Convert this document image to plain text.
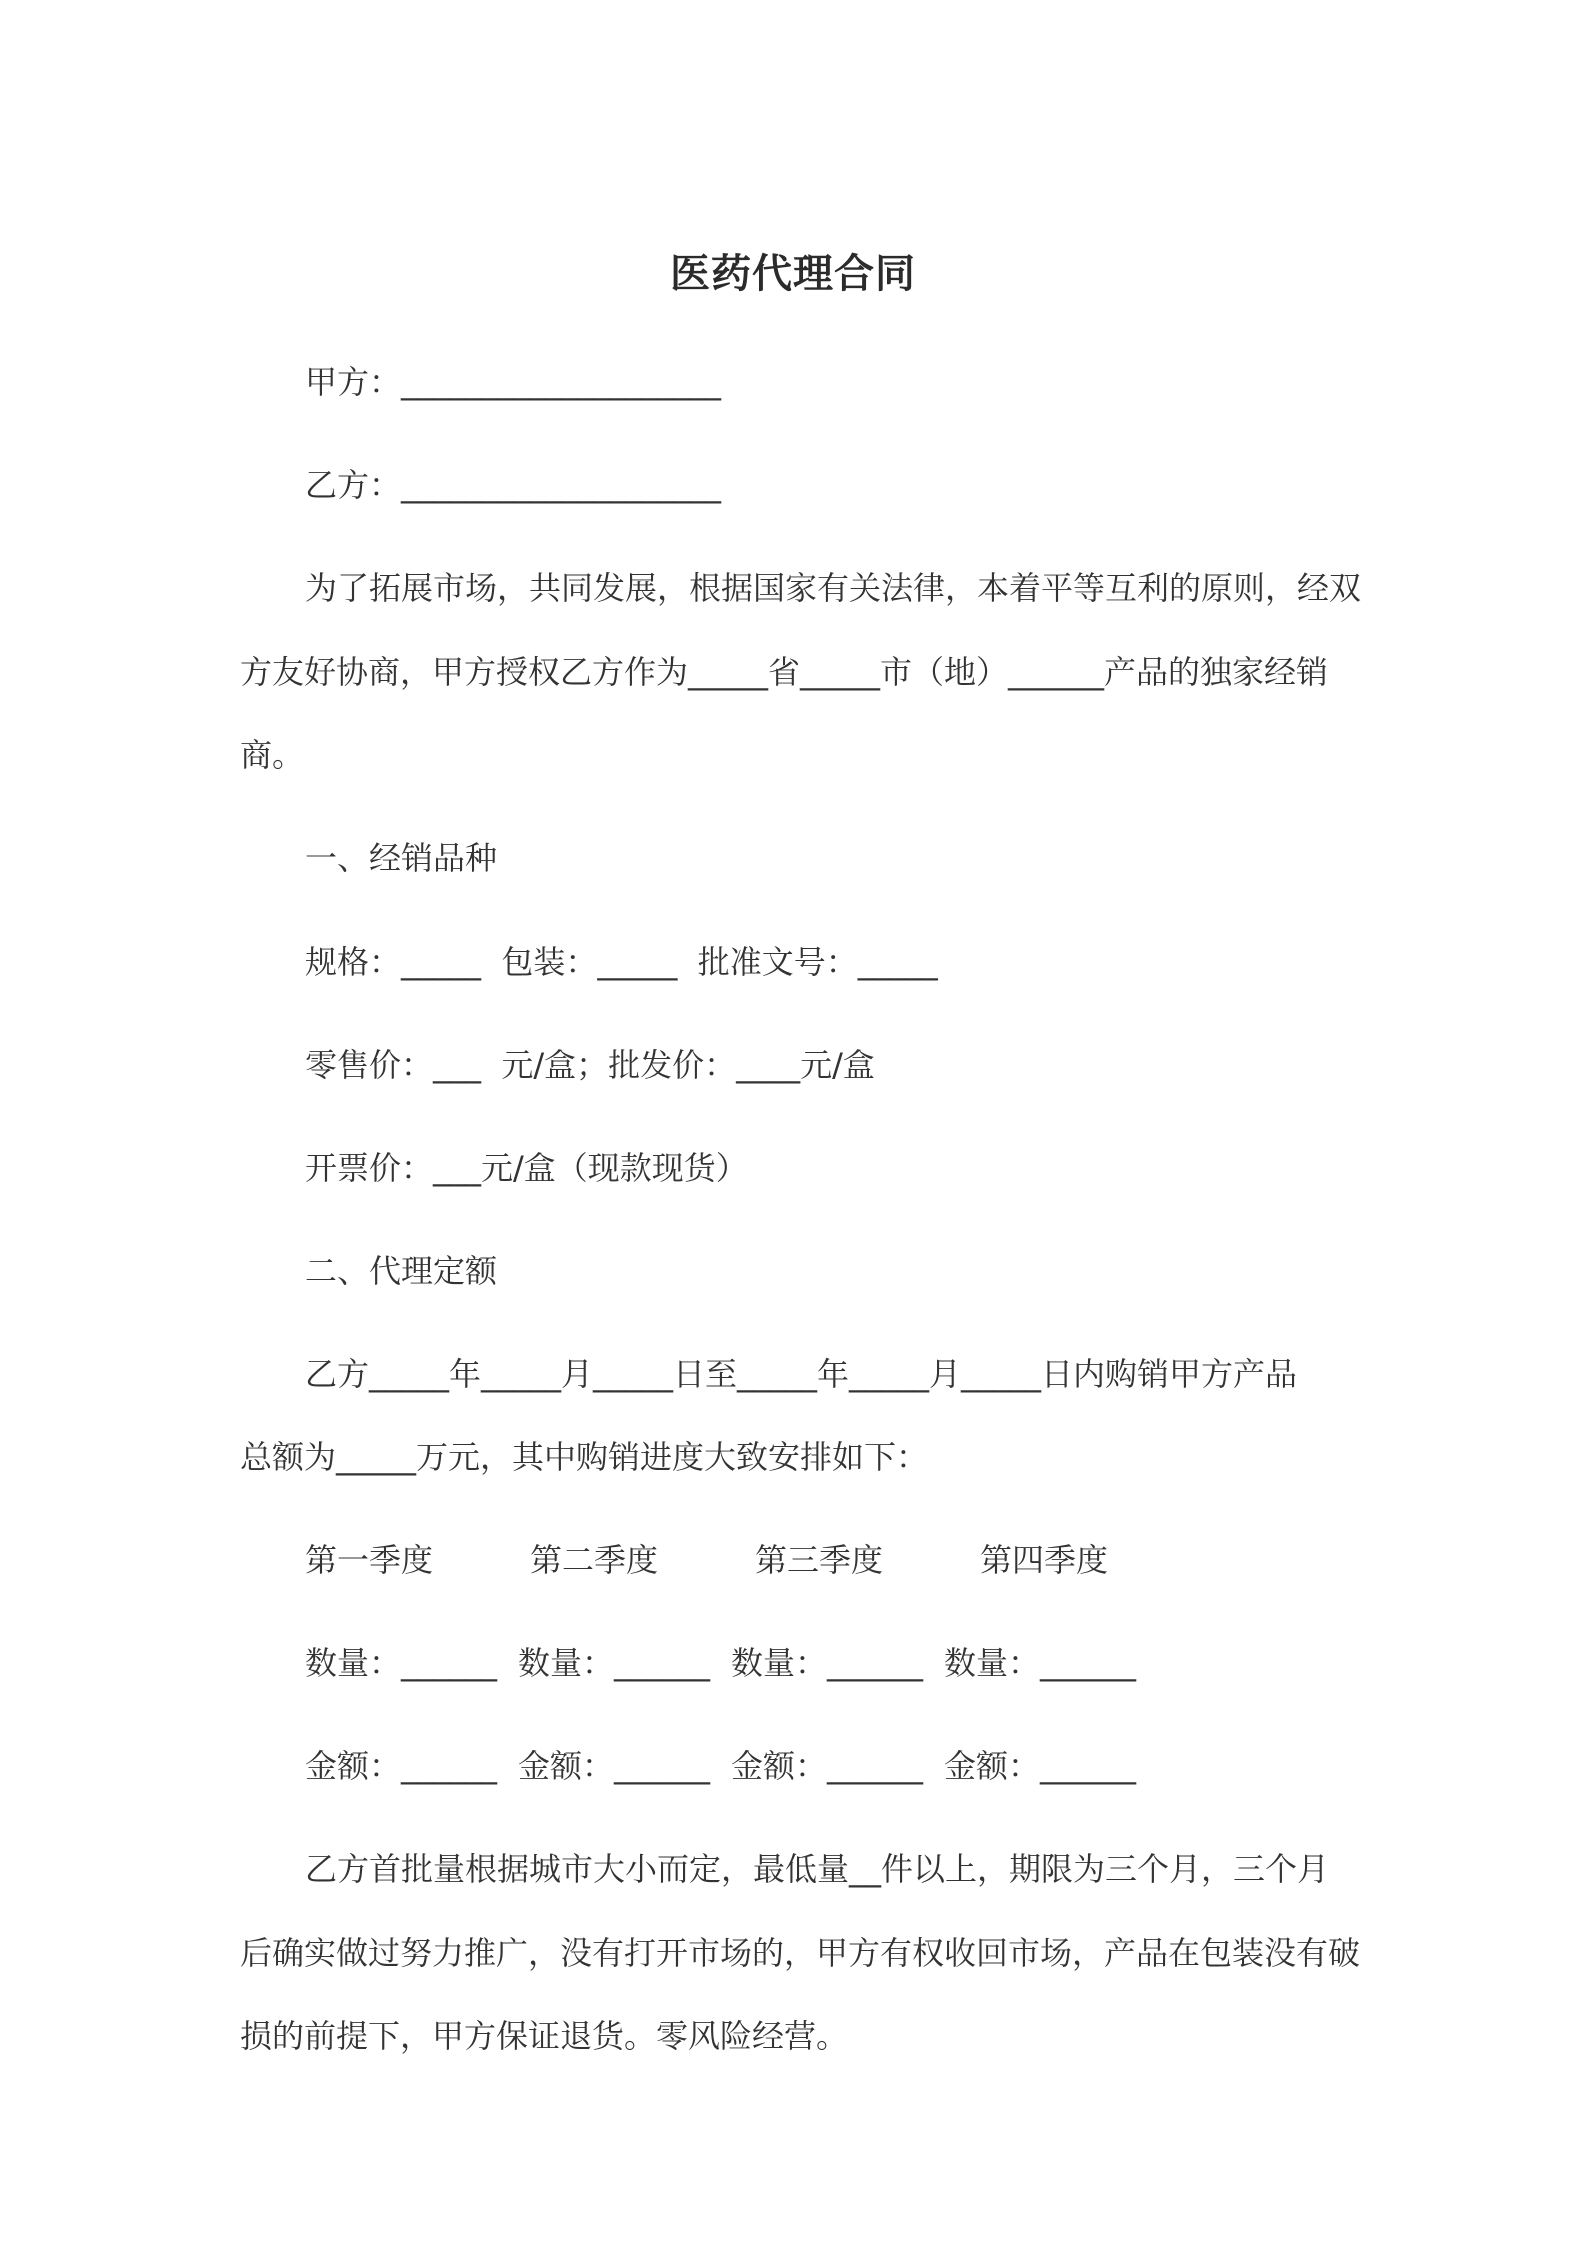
医药代理合同
甲方：____________________
乙方：____________________
为了拓展市场，共同发展，根据国家有关法律，本着平等互利的原则，经双
方友好协商，甲方授权乙方作为_____省_____市（地）______产品的独家经销
商。
一、经销品种
规格：_____  包装：_____  批准文号：_____
零售价：___  元/盒；批发价：____元/盒
开票价：___元/盒（现款现货）
二、代理定额
乙方_____年_____月_____日至_____年_____月_____日内购销甲方产品
总额为_____万元，其中购销进度大致安排如下：
第一季度	第二季度	第三季度	第四季度
数量：______ 数量：______ 数量：______ 数量：______
金额：______ 金额：______ 金额：______ 金额：______
乙方首批量根据城市大小而定，最低量__件以上，期限为三个月，三个月
后确实做过努力推广，没有打开市场的，甲方有权收回市场，产品在包装没有破
损的前提下，甲方保证退货。零风险经营。
